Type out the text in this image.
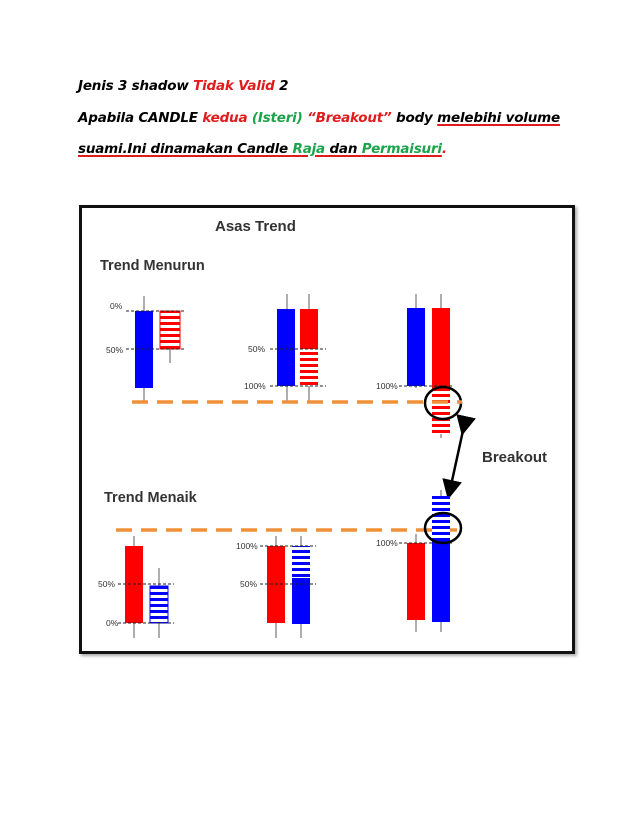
Jenis 3 shadow Tidak Valid 2
Apabila CANDLE kedua (Isteri) “Breakout” body melebihi volume
suami.Ini dinamakan Candle Raja dan Permaisuri.
Asas Trend
Trend Menurun
Trend Menaik
0%
50%	50%
100%	100%
Breakout
50%
0%
100%
50%
100%
